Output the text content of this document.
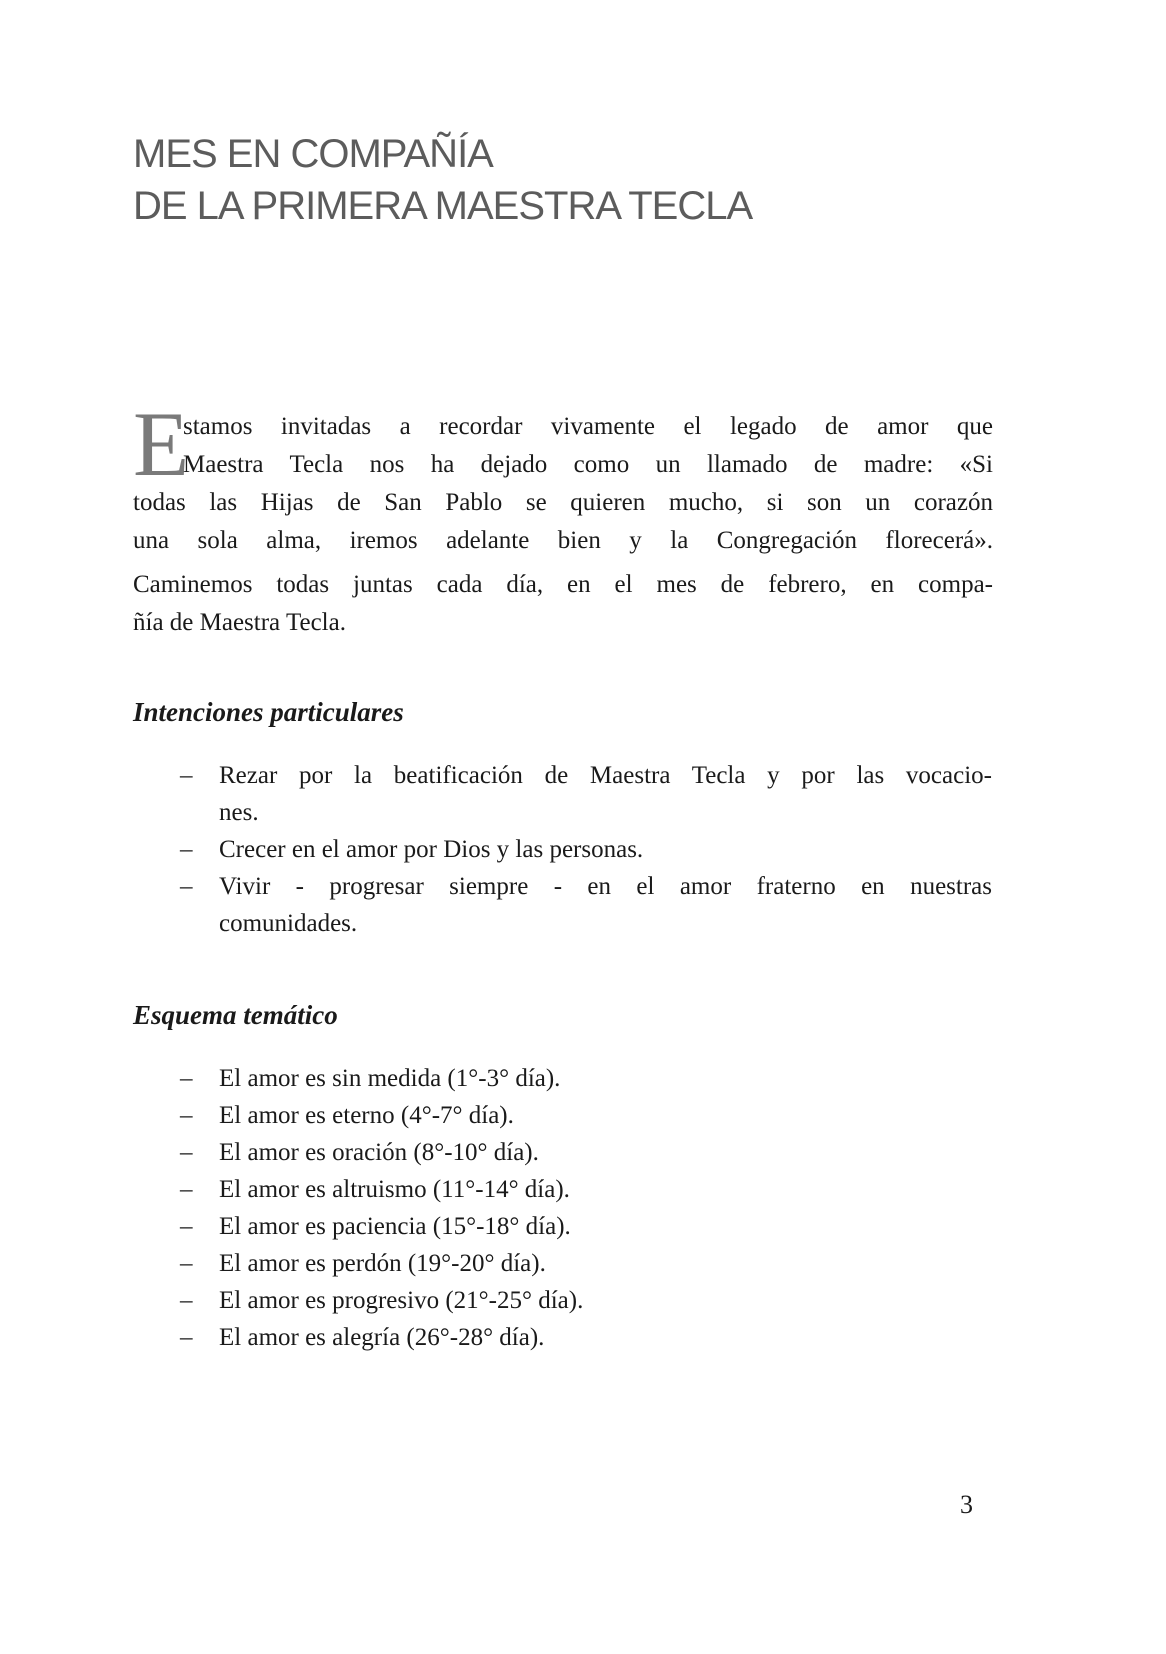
MES EN COMPAÑÍA
DE LA PRIMERA MAESTRA TECLA
E
stamos invitadas a recordar vivamente el legado de amor que
Maestra Tecla nos ha dejado como un llamado de madre: «Si
todas las Hijas de San Pablo se quieren mucho, si son un corazón
una sola alma, iremos adelante bien y la Congregación florecerá».
Caminemos todas juntas cada día, en el mes de febrero, en compa-
ñía de Maestra Tecla.
Intenciones particulares
– Rezar por la beatificación de Maestra Tecla y por las vocacio-
nes.
– Crecer en el amor por Dios y las personas.
– Vivir - progresar siempre - en el amor fraterno en nuestras
comunidades.
Esquema temático
– El amor es sin medida (1°-3° día).
– El amor es eterno (4°-7° día).
– El amor es oración (8°-10° día).
– El amor es altruismo (11°-14° día).
– El amor es paciencia (15°-18° día).
– El amor es perdón (19°-20° día).
– El amor es progresivo (21°-25° día).
– El amor es alegría (26°-28° día).

3
